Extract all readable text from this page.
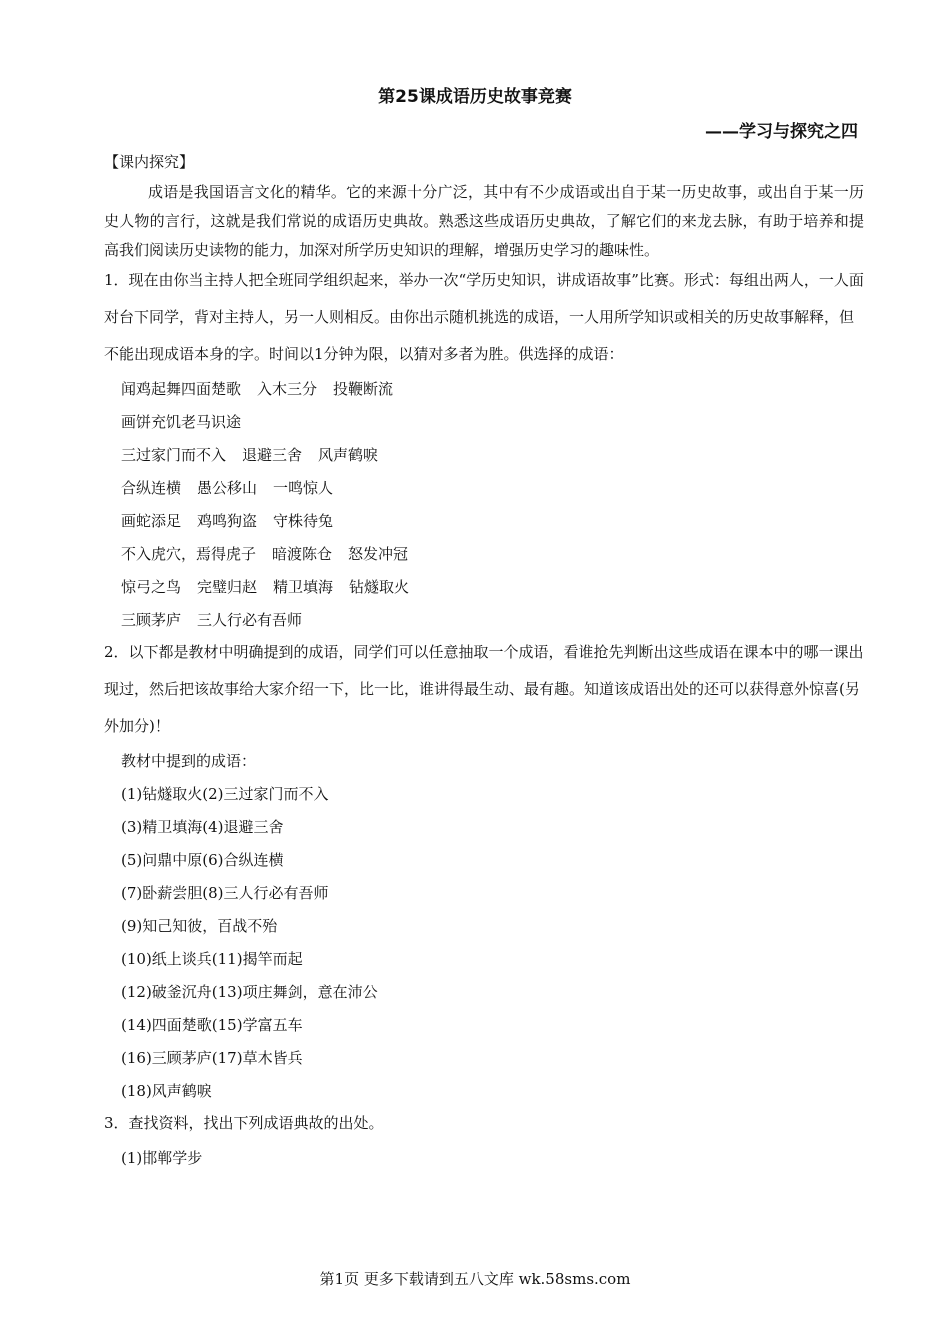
第25课成语历史故事竞赛
——学习与探究之四
【课内探究】

成语是我国语言文化的精华。它的来源十分广泛，其中有不少成语或出自于某一历史故事，或出自于某一历史人物的言行，这就是我们常说的成语历史典故。熟悉这些成语历史典故，了解它们的来龙去脉，有助于培养和提高我们阅读历史读物的能力，加深对所学历史知识的理解，增强历史学习的趣味性。

1．现在由你当主持人把全班同学组织起来，举办一次“学历史知识，讲成语故事”比赛。形式：每组出两人，一人面对台下同学，背对主持人，另一人则相反。由你出示随机挑选的成语，一人用所学知识或相关的历史故事解释，但不能出现成语本身的字。时间以1分钟为限，以猜对多者为胜。供选择的成语：

闻鸡起舞四面楚歌 入木三分 投鞭断流
画饼充饥老马识途
三过家门而不入 退避三舍 风声鹤唳
合纵连横 愚公移山 一鸣惊人
画蛇添足 鸡鸣狗盗 守株待兔
不入虎穴，焉得虎子 暗渡陈仓 怒发冲冠
惊弓之鸟 完璧归赵 精卫填海 钻燧取火
三顾茅庐 三人行必有吾师

2．以下都是教材中明确提到的成语，同学们可以任意抽取一个成语，看谁抢先判断出这些成语在课本中的哪一课出现过，然后把该故事给大家介绍一下，比一比，谁讲得最生动、最有趣。知道该成语出处的还可以获得意外惊喜(另外加分)！

教材中提到的成语：
(1)钻燧取火(2)三过家门而不入
(3)精卫填海(4)退避三舍
(5)问鼎中原(6)合纵连横
(7)卧薪尝胆(8)三人行必有吾师
(9)知己知彼，百战不殆
(10)纸上谈兵(11)揭竿而起
(12)破釜沉舟(13)项庄舞剑，意在沛公
(14)四面楚歌(15)学富五车
(16)三顾茅庐(17)草木皆兵
(18)风声鹤唳

3．查找资料，找出下列成语典故的出处。

(1)邯郸学步
第1页 更多下载请到五八文库 wk.58sms.com
